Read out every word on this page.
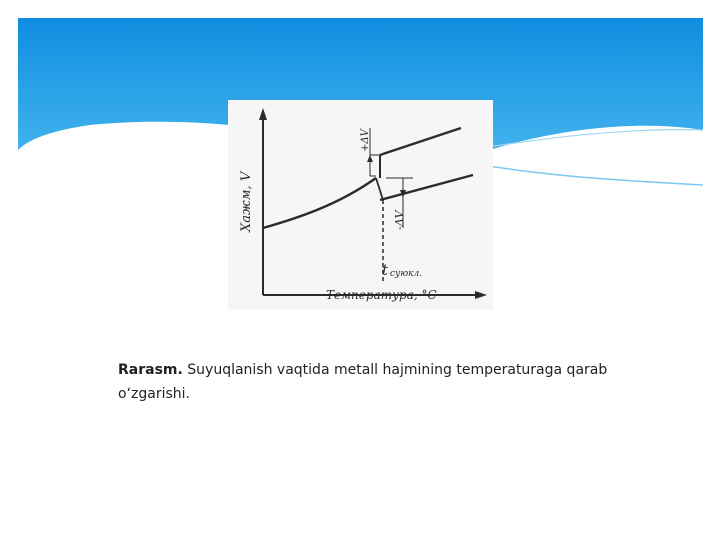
+ΔV
-ΔV
Хажм, V
t суюкл.
Температура, °С
Rarasm. Suyuqlanish vaqtida metall hajmining temperaturaga qarab o‘zgarishi.
